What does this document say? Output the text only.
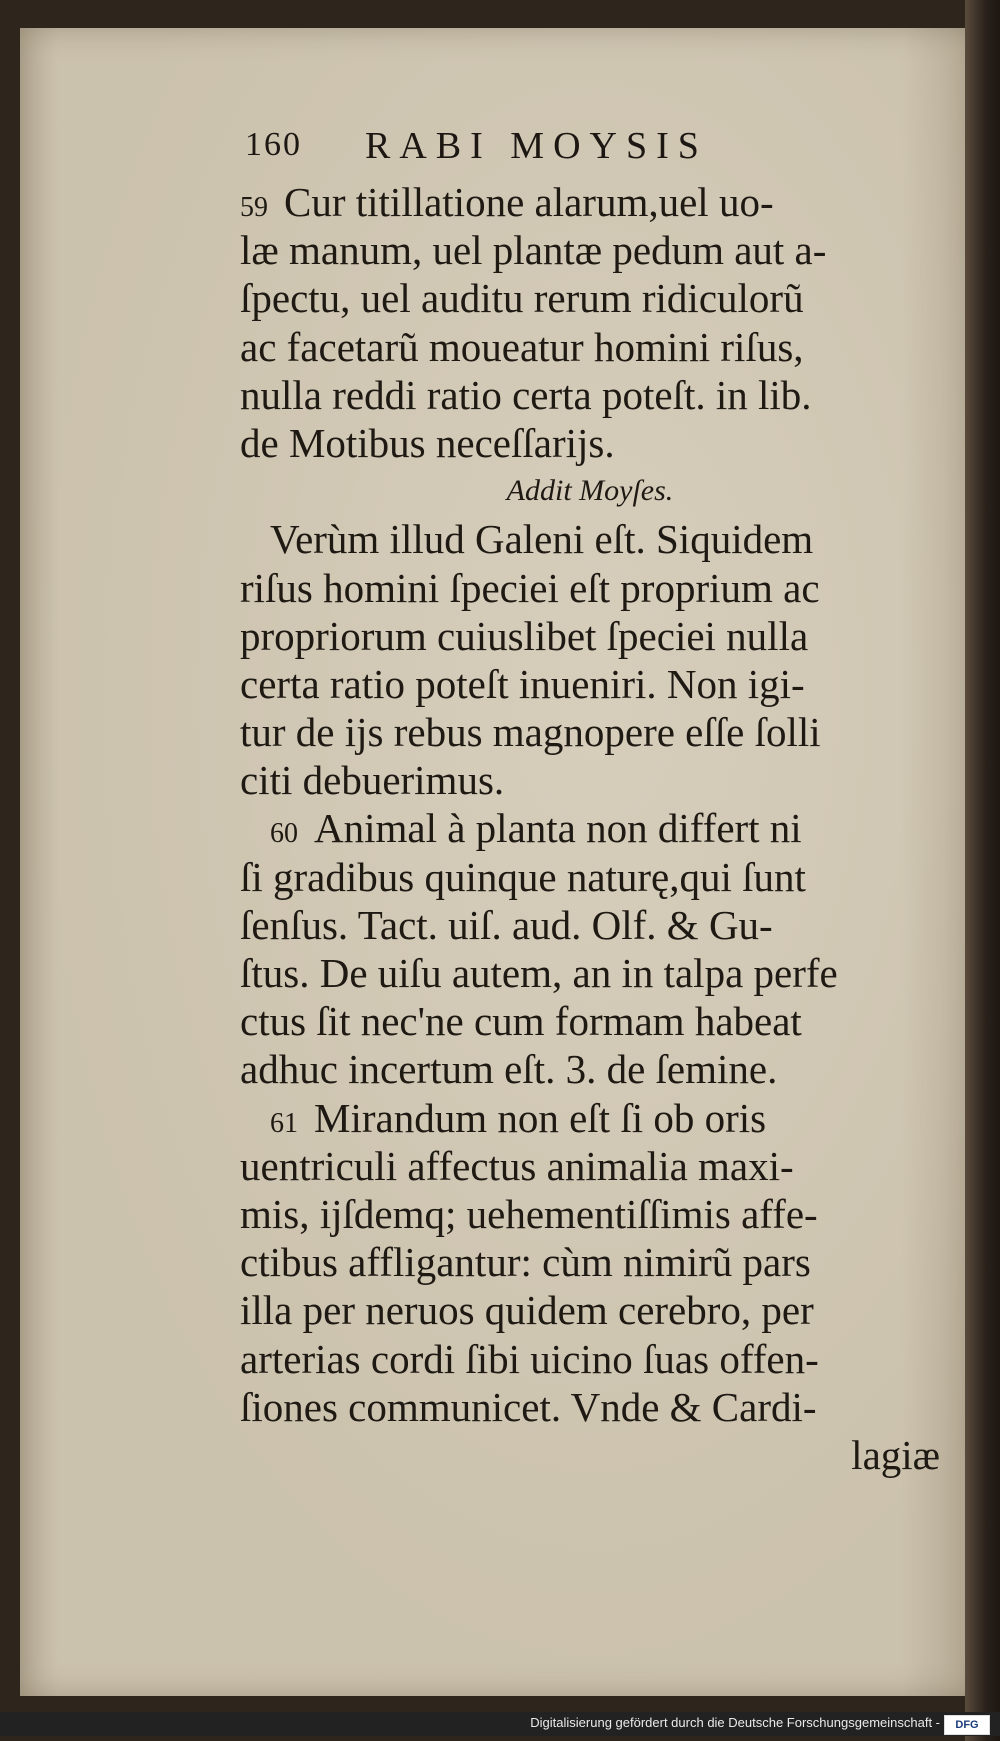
160 RABI MOYSIS
59 Cur titillatione alarum,uel uo-
læ manum, uel plantæ pedum aut a-
ſpectu, uel auditu rerum ridiculorũ
ac facetarũ moueatur homini riſus,
nulla reddi ratio certa poteſt. in lib.
de Motibus neceſſarijs.
Addit Moyſes.
Verùm illud Galeni eſt. Siquidem
riſus homini ſpeciei eſt proprium ac
propriorum cuiuslibet ſpeciei nulla
certa ratio poteſt inueniri. Non igi-
tur de ijs rebus magnopere eſſe ſolli
citi debuerimus.
60 Animal à planta non differt ni
ſi gradibus quinque naturę,qui ſunt
ſenſus. Tact. uiſ. aud. Olf. & Gu-
ſtus. De uiſu autem, an in talpa perfe
ctus ſit nec'ne cum formam habeat
adhuc incertum eſt. 3. de ſemine.
61 Mirandum non eſt ſi ob oris
uentriculi affectus animalia maxi-
mis, ijſdemq; uehementiſſimis affe-
ctibus affligantur: cùm nimirũ pars
illa per neruos quidem cerebro, per
arterias cordi ſibi uicino ſuas offen-
ſiones communicet. Vnde & Cardi-
lagiæ
Digitalisierung gefördert durch die Deutsche Forschungsgemeinschaft -	DFG
